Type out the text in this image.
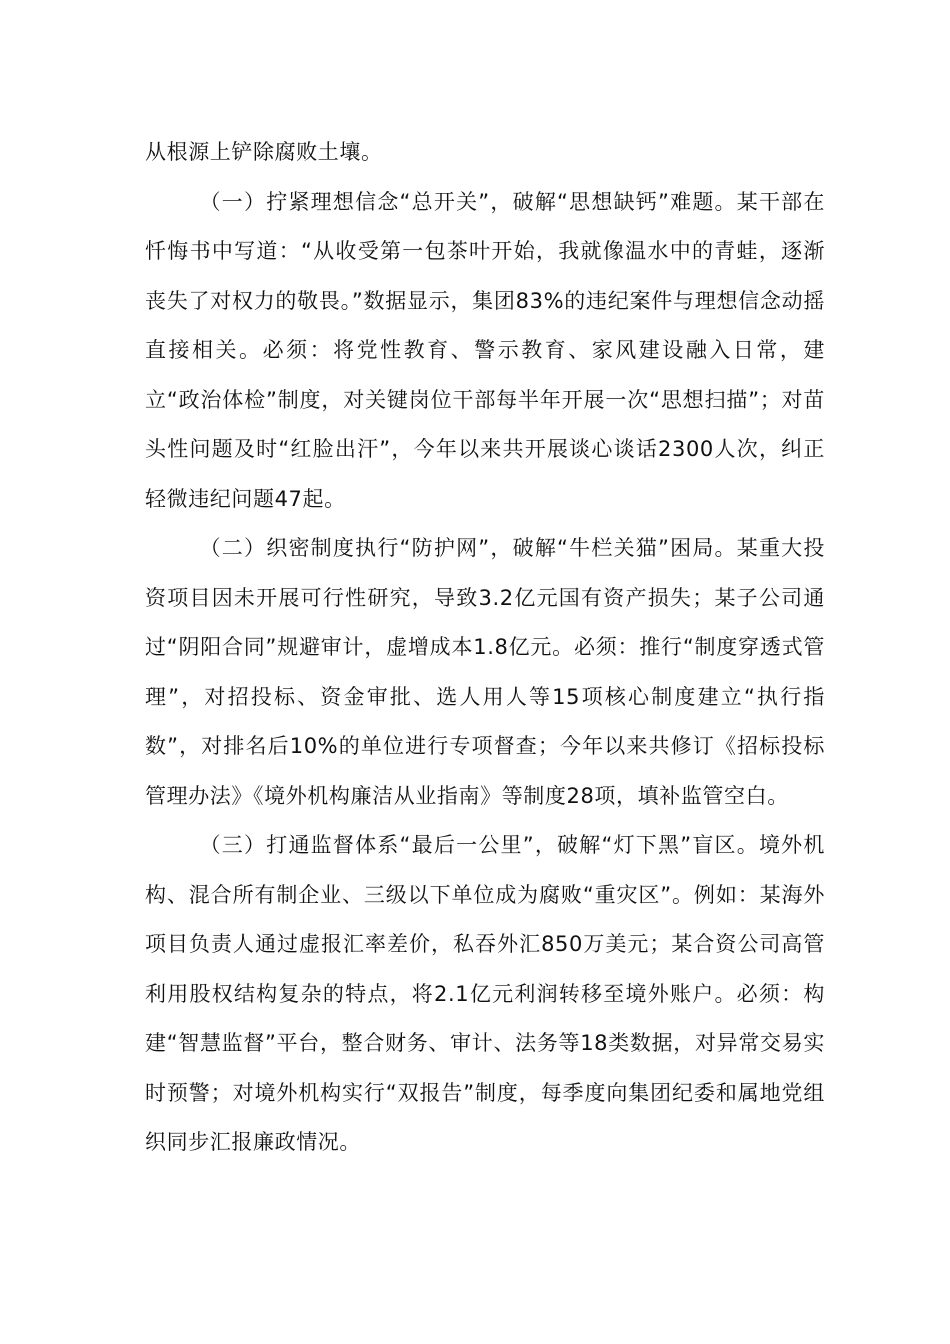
从根源上铲除腐败土壤。

（一）拧紧理想信念“总开关”，破解“思想缺钙”难题。某干部在忏悔书中写道：“从收受第一包茶叶开始，我就像温水中的青蛙，逐渐丧失了对权力的敬畏。”数据显示，集团83%的违纪案件与理想信念动摇直接相关。必须：将党性教育、警示教育、家风建设融入日常，建立“政治体检”制度，对关键岗位干部每半年开展一次“思想扫描”；对苗头性问题及时“红脸出汗”，今年以来共开展谈心谈话2300人次，纠正轻微违纪问题47起。

（二）织密制度执行“防护网”，破解“牛栏关猫”困局。某重大投资项目因未开展可行性研究，导致3.2亿元国有资产损失；某子公司通过“阴阳合同”规避审计，虚增成本1.8亿元。必须：推行“制度穿透式管理”，对招投标、资金审批、选人用人等15项核心制度建立“执行指数”，对排名后10%的单位进行专项督查；今年以来共修订《招标投标管理办法》《境外机构廉洁从业指南》等制度28项，填补监管空白。

（三）打通监督体系“最后一公里”，破解“灯下黑”盲区。境外机构、混合所有制企业、三级以下单位成为腐败“重灾区”。例如：某海外项目负责人通过虚报汇率差价，私吞外汇850万美元；某合资公司高管利用股权结构复杂的特点，将2.1亿元利润转移至境外账户。必须：构建“智慧监督”平台，整合财务、审计、法务等18类数据，对异常交易实时预警；对境外机构实行“双报告”制度，每季度向集团纪委和属地党组织同步汇报廉政情况。
